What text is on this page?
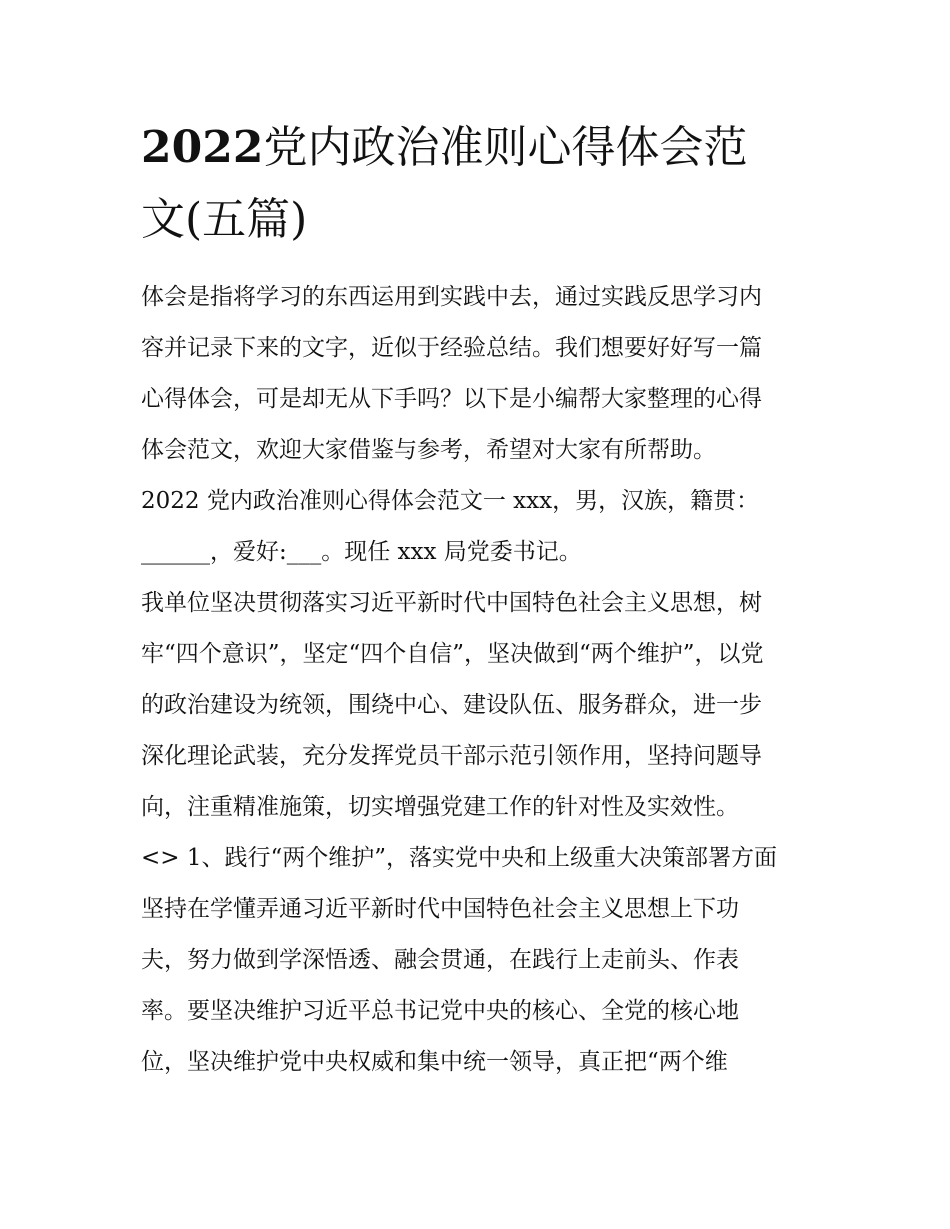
2022党内政治准则心得体会范
文(五篇)

体会是指将学习的东西运用到实践中去，通过实践反思学习内

容并记录下来的文字，近似于经验总结。我们想要好好写一篇

心得体会，可是却无从下手吗？以下是小编帮大家整理的心得

体会范文，欢迎大家借鉴与参考，希望对大家有所帮助。

2022 党内政治准则心得体会范文一 xxx，男，汉族，籍贯：

______，爱好:___。现任 xxx 局党委书记。

我单位坚决贯彻落实习近平新时代中国特色社会主义思想，树

牢“四个意识”，坚定“四个自信”，坚决做到“两个维护”，以党

的政治建设为统领，围绕中心、建设队伍、服务群众，进一步

深化理论武装，充分发挥党员干部示范引领作用，坚持问题导

向，注重精准施策，切实增强党建工作的针对性及实效性。

<> 1、践行“两个维护”，落实党中央和上级重大决策部署方面

坚持在学懂弄通习近平新时代中国特色社会主义思想上下功

夫，努力做到学深悟透、融会贯通，在践行上走前头、作表

率。要坚决维护习近平总书记党中央的核心、全党的核心地

位，坚决维护党中央权威和集中统一领导，真正把“两个维
